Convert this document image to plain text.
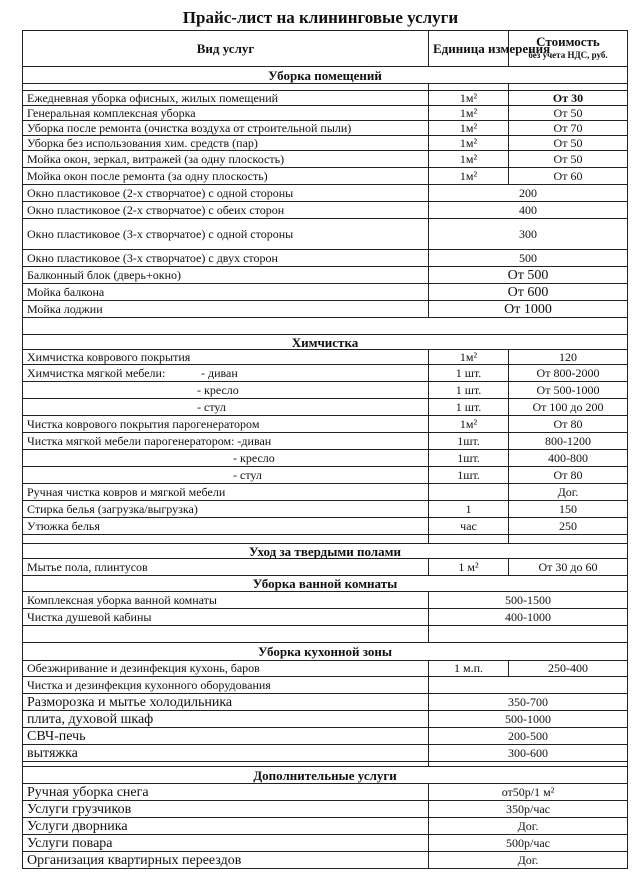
Прайс-лист на клининговые услуги
Вид услуг	Единица измерения	Стоимость
без учета НДС, руб.

Уборка помещений		

Ежедневная уборка офисных, жилых помещений	1м²	От 30
Генеральная комплексная уборка	1м²	От 50
Уборка после ремонта (очистка воздуха от строительной пыли)	1м²	От 70
Уборка без использования хим. средств (пар)	1м²	От 50
Мойка окон, зеркал, витражей (за одну плоскость)	1м²	От 50
Мойка окон после ремонта (за одну плоскость)	1м²	От 60
Окно пластиковое (2-х створчатое) с одной стороны	200	
Окно пластиковое (2-х створчатое) с обеих сторон	400	
Окно пластиковое (3-х створчатое) с одной стороны	300	
Окно пластиковое (3-х створчатое) с двух сторон	500	
Балконный блок (дверь+окно)	От 500	
Мойка балкона	От 600	
Мойка лоджии	От 1000	

Химчистка		
Химчистка коврового покрытия	1м²	120
Химчистка мягкой мебели: - диван	1 шт.	От 800-2000
- кресло	1 шт.	От 500-1000
- стул	1 шт.	От 100 до 200
Чистка коврового покрытия парогенератором	1м²	От 80
Чистка мягкой мебели парогенератором: -диван	1шт.	800-1200
- кресло	1шт.	400-800
- стул	1шт.	От 80
Ручная чистка ковров и мягкой мебели		Дог.
Стирка белья (загрузка/выгрузка)	1	150
Утюжка белья	час	250

Уход за твердыми полами		
Мытье пола, плинтусов	1 м²	От 30 до 60
Уборка ванной комнаты		
Комплексная уборка ванной комнаты	500-1500	
Чистка душевой кабины	400-1000	

Уборка кухонной зоны		
Обезжиривание и дезинфекция кухонь, баров	1 м.п.	250-400
Чистка и дезинфекция кухонного оборудования		
Разморозка и мытье холодильника	350-700	
плита, духовой шкаф	500-1000	
СВЧ-печь	200-500	
вытяжка	300-600	

Дополнительные услуги		
Ручная уборка снега	от50р/1 м²	
Услуги грузчиков	350р/час	
Услуги дворника	Дог.	
Услуги повара	500р/час	
Организация квартирных переездов	Дог.	
